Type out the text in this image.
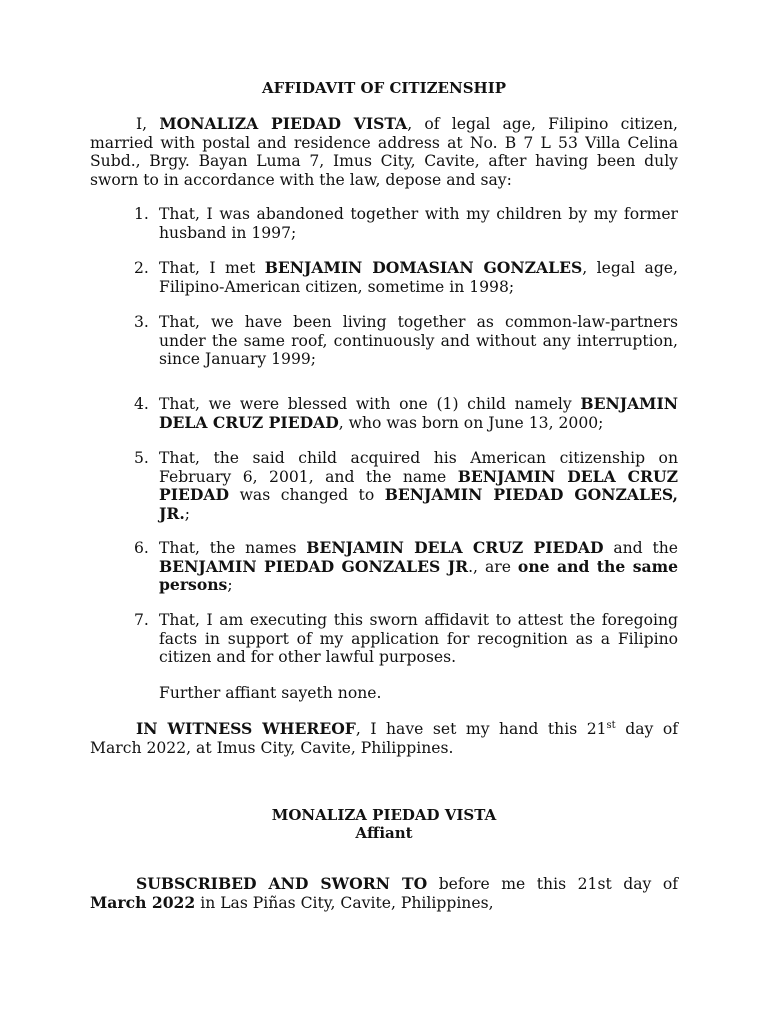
AFFIDAVIT OF CITIZENSHIP
I, MONALIZA PIEDAD VISTA, of legal age, Filipino citizen, married with postal and residence address at No. B 7 L 53 Villa Celina Subd., Brgy. Bayan Luma 7, Imus City, Cavite, after having been duly sworn to in accordance with the law, depose and say:
1. That, I was abandoned together with my children by my former husband in 1997;
2. That, I met BENJAMIN DOMASIAN GONZALES, legal age, Filipino-American citizen, sometime in 1998;
3. That, we have been living together as common-law-partners under the same roof, continuously and without any interruption, since January 1999;
4. That, we were blessed with one (1) child namely BENJAMIN DELA CRUZ PIEDAD, who was born on June 13, 2000;
5. That, the said child acquired his American citizenship on February 6, 2001, and the name BENJAMIN DELA CRUZ PIEDAD was changed to BENJAMIN PIEDAD GONZALES, JR.;
6. That, the names BENJAMIN DELA CRUZ PIEDAD and the BENJAMIN PIEDAD GONZALES JR., are one and the same persons;
7. That, I am executing this sworn affidavit to attest the foregoing facts in support of my application for recognition as a Filipino citizen and for other lawful purposes.
Further affiant sayeth none.
IN WITNESS WHEREOF, I have set my hand this 21st day of March 2022, at Imus City, Cavite, Philippines.
MONALIZA PIEDAD VISTA
Affiant
SUBSCRIBED AND SWORN TO before me this 21st day of March 2022 in Las Piñas City, Cavite, Philippines,
